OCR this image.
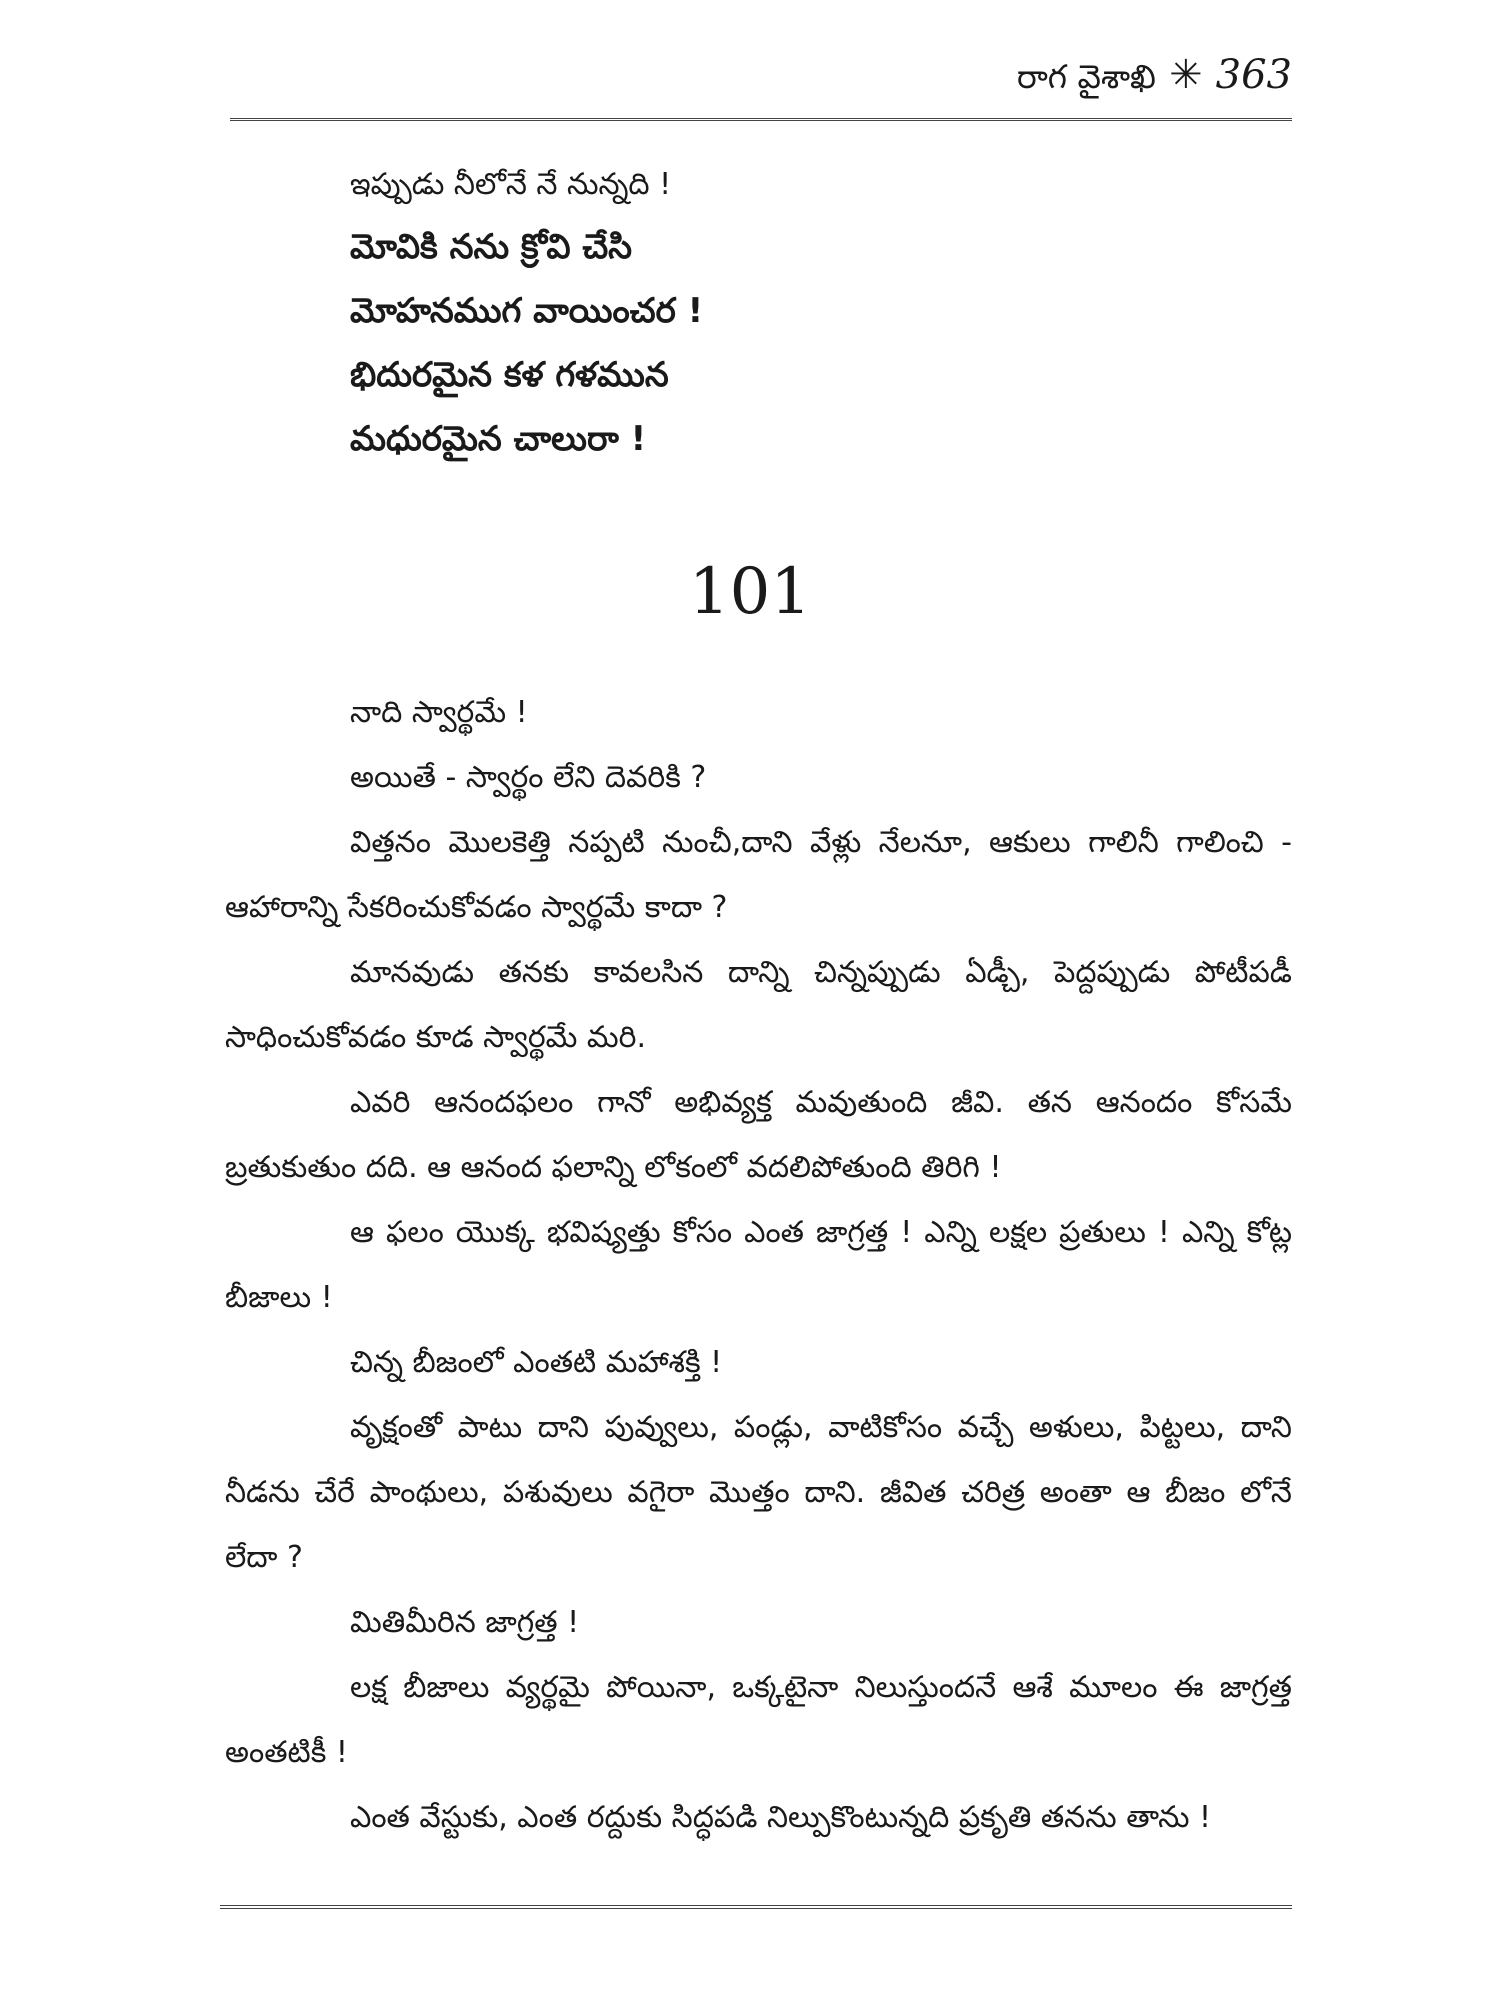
రాగ వైశాఖి ✳ 363
ఇప్పుడు నీలోనే నే నున్నది !
మోవికి నను క్రోవి చేసి
మోహనముగ వాయించర !
భిదురమైన కళ గళమున
మధురమైన చాలురా !
101

నాది స్వార్థమే !

అయితే - స్వార్థం లేని దెవరికి ?

విత్తనం మొలకెత్తి నప్పటి నుంచీ,దాని వేళ్లు నేలనూ, ఆకులు గాలినీ గాలించి - ఆహారాన్ని సేకరించుకోవడం స్వార్థమే కాదా ?

మానవుడు తనకు కావలసిన దాన్ని చిన్నప్పుడు ఏడ్చీ, పెద్దప్పుడు పోటీపడీ సాధించుకోవడం కూడ స్వార్థమే మరి.

ఎవరి ఆనందఫలం గానో అభివ్యక్త మవుతుంది జీవి. తన ఆనందం కోసమే బ్రతుకుతుం దది. ఆ ఆనంద ఫలాన్ని లోకంలో వదలిపోతుంది తిరిగి !

ఆ ఫలం యొక్క భవిష్యత్తు కోసం ఎంత జాగ్రత్త ! ఎన్ని లక్షల ప్రతులు ! ఎన్ని కోట్ల బీజాలు !

చిన్న బీజంలో ఎంతటి మహాశక్తి !

వృక్షంతో పాటు దాని పువ్వులు, పండ్లు, వాటికోసం వచ్చే అళులు, పిట్టలు, దాని నీడను చేరే పాంథులు, పశువులు వగైరా మొత్తం దాని. జీవిత చరిత్ర అంతా ఆ బీజం లోనే లేదా ?

మితిమీరిన జాగ్రత్త !

లక్ష బీజాలు వ్యర్థమై పోయినా, ఒక్కటైనా నిలుస్తుందనే ఆశే మూలం ఈ జాగ్రత్త అంతటికీ !

ఎంత వేస్టుకు, ఎంత రద్దుకు సిద్ధపడి నిల్పుకొంటున్నది ప్రకృతి తనను తాను !
